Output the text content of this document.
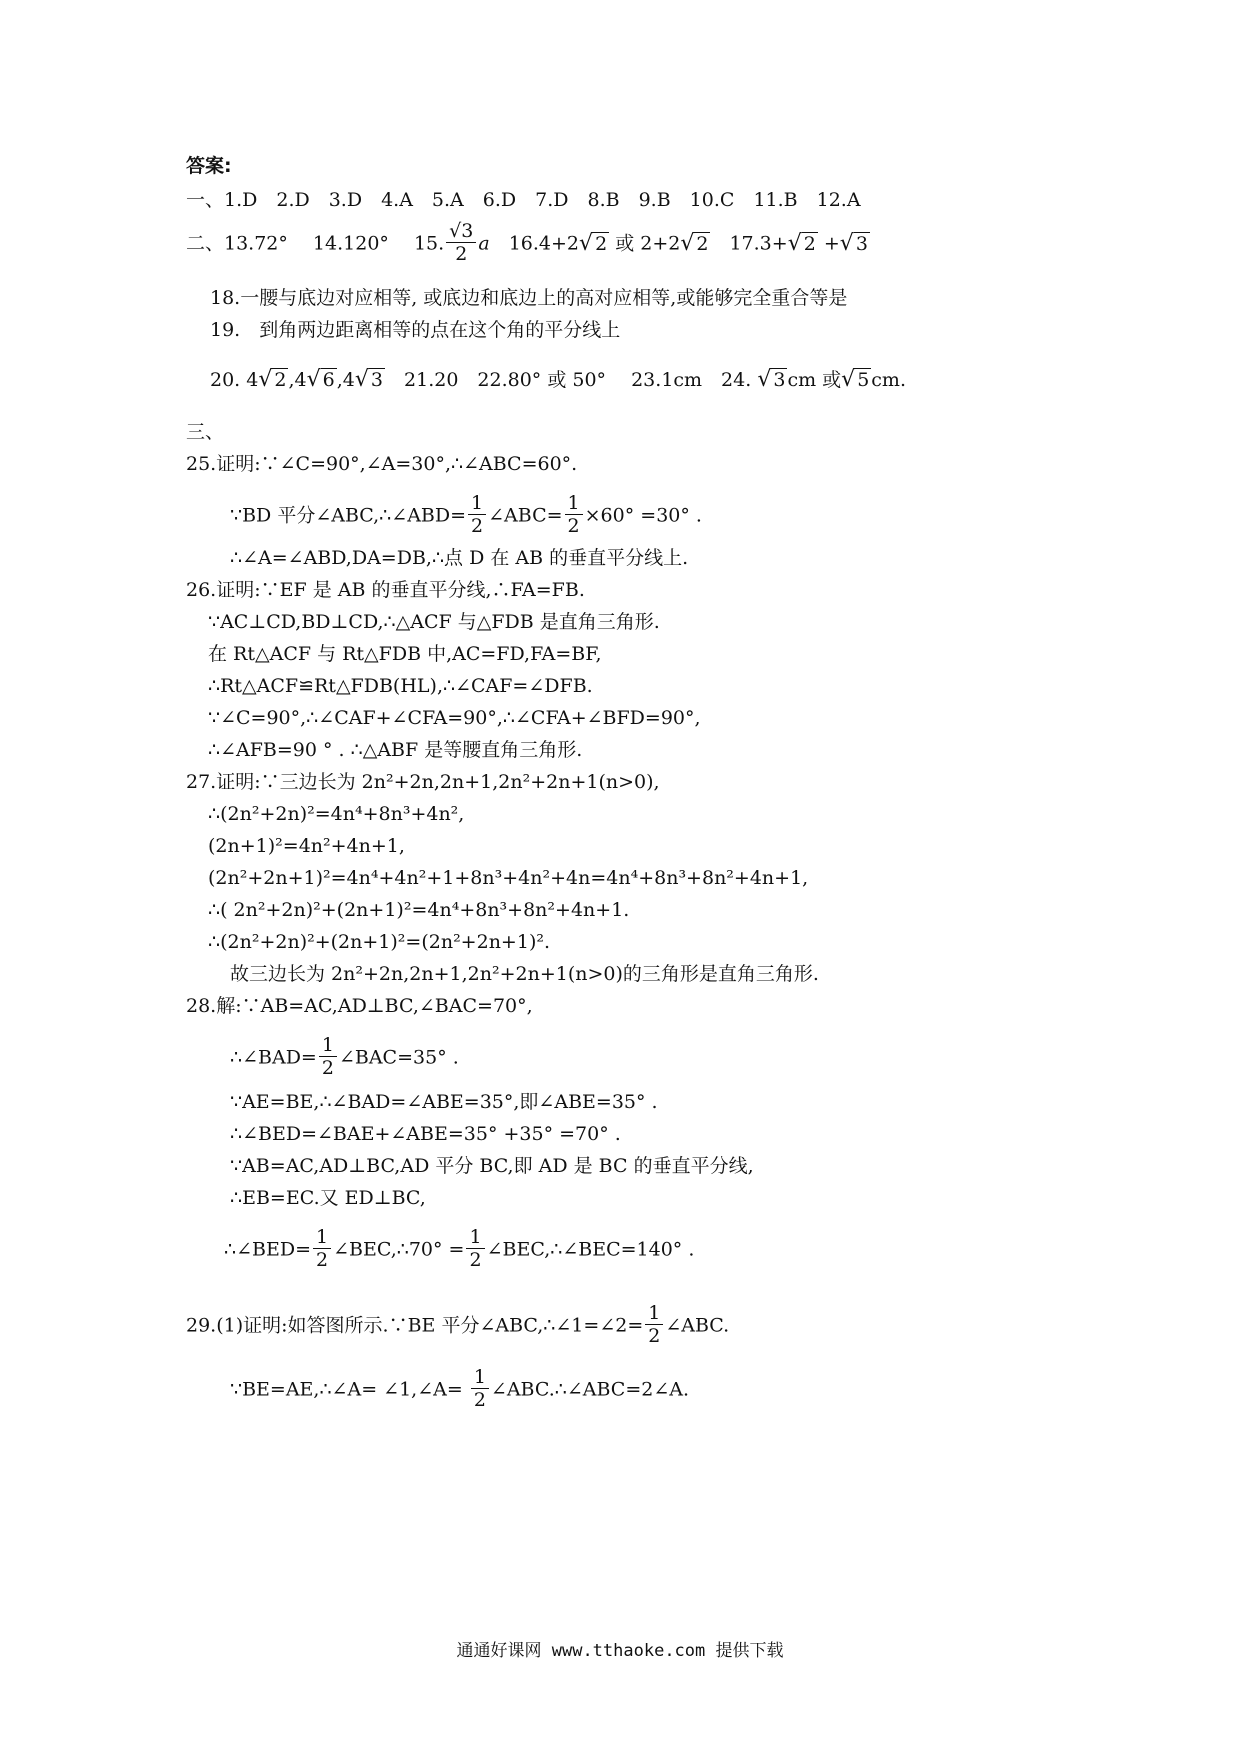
答案:
一、1.D　2.D　3.D　4.A　5.A　6.D　7.D　8.B　9.B　10.C　11.B　12.A
二、13.72°　 14.120°　 15. $\frac{√3}{2}$ a　16.4+2√ 2 或 2+2√ 2　17.3+√ 2 +√ 3
18.一腰与底边对应相等, 或底边和底边上的高对应相等,或能够完全重合等是
19.　到角两边距离相等的点在这个角的平分线上
20. 4√ 2 ,4√ 6 ,4√ 3　21.20　22.80° 或 50°　 23.1cm　24. √ 3 cm 或√ 5 cm.
三、
25.证明:∵∠C=90°,∠A=30°,∴∠ABC=60°.
∵BD 平分∠ABC,∴∠ABD= $\frac{1}{2}$ ∠ABC= $\frac{1}{2} \times 60^\circ =30^\circ$ .
∴∠A=∠ABD,DA=DB,∴点 D 在 AB 的垂直平分线上.
26.证明:∵EF 是 AB 的垂直平分线,∴FA=FB.
∵AC⊥CD,BD⊥CD,∴△ACF 与△FDB 是直角三角形.
在 Rt△ACF 与 Rt△FDB 中,AC=FD,FA=BF,
∴Rt△ACF≌Rt△FDB(HL),∴∠CAF=∠DFB.
∵∠C=90°,∴∠CAF+∠CFA=90°,∴∠CFA+∠BFD=90°,
∴∠AFB=90 ° . ∴△ABF 是等腰直角三角形.
27.证明:∵三边长为 2n²+2n,2n+1,2n²+2n+1(n>0),
∴(2n²+2n)²=4n⁴+8n³+4n²,
(2n+1)²=4n²+4n+1,
(2n²+2n+1)²=4n⁴+4n²+1+8n³+4n²+4n=4n⁴+8n³+8n²+4n+1,
∴( 2n²+2n)²+(2n+1)²=4n⁴+8n³+8n²+4n+1.
∴(2n²+2n)²+(2n+1)²=(2n²+2n+1)².
故三边长为 2n²+2n,2n+1,2n²+2n+1(n>0)的三角形是直角三角形.
28.解:∵AB=AC,AD⊥BC,∠BAC=70°,
∴∠BAD= $\frac{1}{2}$ ∠BAC=35° .
∵AE=BE,∴∠BAD=∠ABE=35°,即∠ABE=35° .
∴∠BED=∠BAE+∠ABE=35° +35° =70° .
∵AB=AC,AD⊥BC,AD 平分 BC,即 AD 是 BC 的垂直平分线,
∴EB=EC.又 ED⊥BC,
∴∠BED= $\frac{1}{2}$ ∠BEC,∴70° = $\frac{1}{2}$ ∠BEC,∴∠BEC=140° .
29.(1)证明:如答图所示.∵BE 平分∠ABC,∴∠1=∠2= $\frac{1}{2}$ ∠ABC.
∵BE=AE,∴∠A= ∠1,∠A= $\frac{1}{2}$ ∠ABC.∴∠ABC=2∠A.
通通好课网 www.tthaoke.com 提供下载
